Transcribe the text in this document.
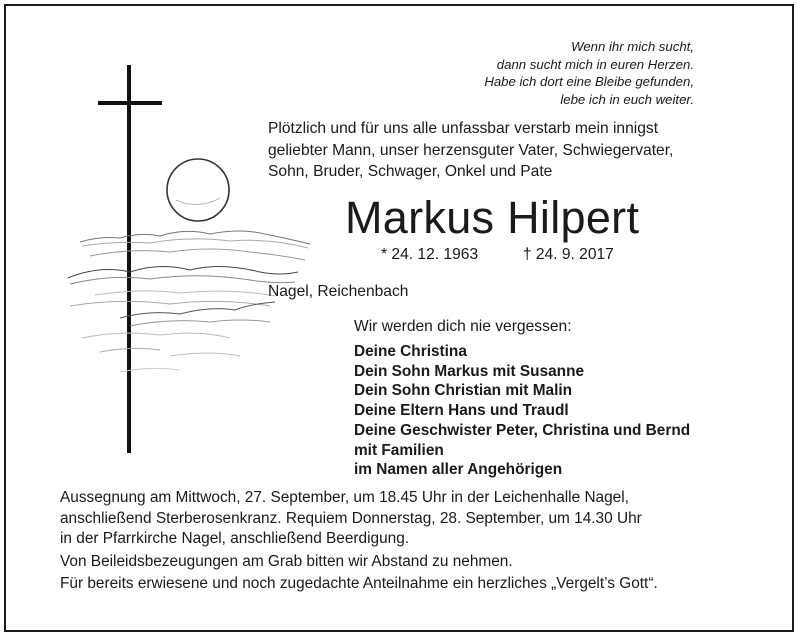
Wenn ihr mich sucht,
dann sucht mich in euren Herzen.
Habe ich dort eine Bleibe gefunden,
lebe ich in euch weiter.
Plötzlich und für uns alle unfassbar verstarb mein innigst
geliebter Mann, unser herzensguter Vater, Schwiegervater,
Sohn, Bruder, Schwager, Onkel und Pate
Markus Hilpert
* 24. 12. 1963	† 24. 9. 2017
Nagel, Reichenbach
Wir werden dich nie vergessen:
Deine Christina
Dein Sohn Markus mit Susanne
Dein Sohn Christian mit Malin
Deine Eltern Hans und Traudl
Deine Geschwister Peter, Christina und Bernd
mit Familien
im Namen aller Angehörigen
Aussegnung am Mittwoch, 27. September, um 18.45 Uhr in der Leichenhalle Nagel,
anschließend Sterberosenkranz. Requiem Donnerstag, 28. September, um 14.30 Uhr
in der Pfarrkirche Nagel, anschließend Beerdigung.
Von Beileidsbezeugungen am Grab bitten wir Abstand zu nehmen.
Für bereits erwiesene und noch zugedachte Anteilnahme ein herzliches „Vergelt’s Gott“.
